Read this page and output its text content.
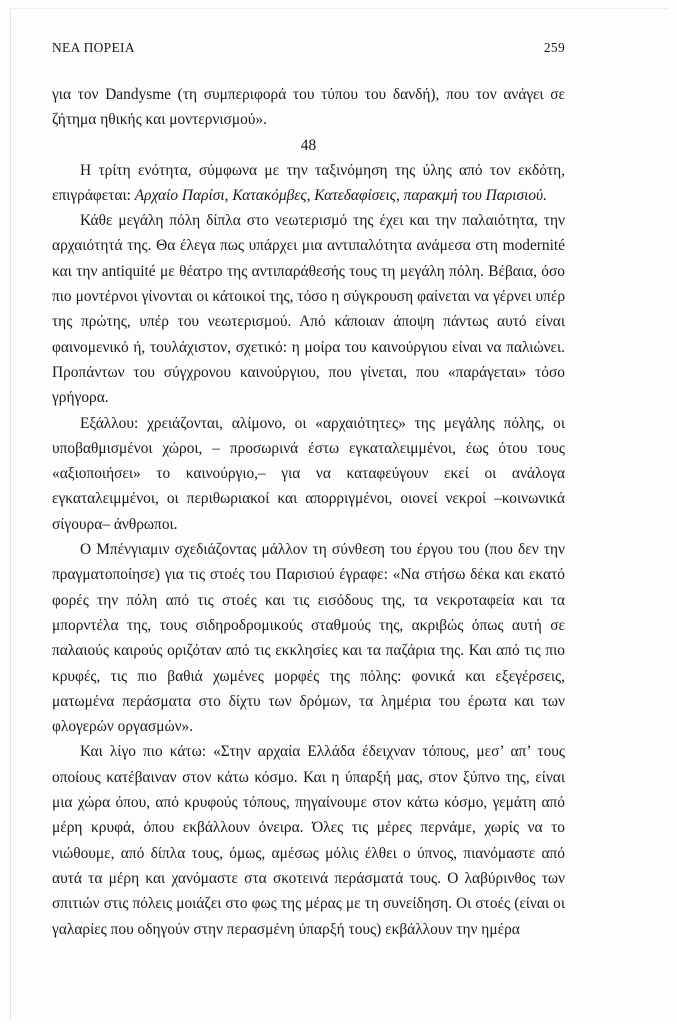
ΝΕΑ ΠΟΡΕΙΑ	259

για τον Dandysme (τη συμπεριφορά του τύπου του δανδή), που τον ανάγει σε ζήτημα ηθικής και μοντερνισμού».

48

Η τρίτη ενότητα, σύμφωνα με την ταξινόμηση της ύλης από τον εκδότη, επιγράφεται: Αρχαίο Παρίσι, Κατακόμβες, Κατεδαφίσεις, παρακμή του Παρισιού.

Κάθε μεγάλη πόλη δίπλα στο νεωτερισμό της έχει και την παλαιότητα, την αρχαιότητά της. Θα έλεγα πως υπάρχει μια αντιπαλότητα ανάμεσα στη modernité και την antiquité με θέατρο της αντιπαράθεσής τους τη μεγάλη πόλη. Βέβαια, όσο πιο μοντέρνοι γίνονται οι κάτοικοί της, τόσο η σύγκρουση φαίνεται να γέρνει υπέρ της πρώτης, υπέρ του νεωτερισμού. Από κάποιαν άποψη πάντως αυτό είναι φαινομενικό ή, τουλάχιστον, σχετικό: η μοίρα του καινούργιου είναι να παλιώνει. Προπάντων του σύγχρονου καινούργιου, που γίνεται, που «παράγεται» τόσο γρήγορα.

Εξάλλου: χρειάζονται, αλίμονο, οι «αρχαιότητες» της μεγάλης πόλης, οι υποβαθμισμένοι χώροι, – προσωρινά έστω εγκαταλειμμένοι, έως ότου τους «αξιοποιήσει» το καινούργιο,– για να καταφεύγουν εκεί οι ανάλογα εγκαταλειμμένοι, οι περιθωριακοί και απορριγμένοι, οιονεί νεκροί –κοινωνικά σίγουρα– άνθρωποι.

Ο Μπένγιαμιν σχεδιάζοντας μάλλον τη σύνθεση του έργου του (που δεν την πραγματοποίησε) για τις στοές του Παρισιού έγραφε: «Να στήσω δέκα και εκατό φορές την πόλη από τις στοές και τις εισόδους της, τα νεκροταφεία και τα μπορντέλα της, τους σιδηροδρομικούς σταθμούς της, ακριβώς όπως αυτή σε παλαιούς καιρούς οριζόταν από τις εκκλησίες και τα παζάρια της. Και από τις πιο κρυφές, τις πιο βαθιά χωμένες μορφές της πόλης: φονικά και εξεγέρσεις, ματωμένα περάσματα στο δίχτυ των δρόμων, τα λημέρια του έρωτα και των φλογερών οργασμών».

Και λίγο πιο κάτω: «Στην αρχαία Ελλάδα έδειχναν τόπους, μεσ’ απ’ τους οποίους κατέβαιναν στον κάτω κόσμο. Και η ύπαρξή μας, στον ξύπνο της, είναι μια χώρα όπου, από κρυφούς τόπους, πηγαίνουμε στον κάτω κόσμο, γεμάτη από μέρη κρυφά, όπου εκβάλλουν όνειρα. Όλες τις μέρες περνάμε, χωρίς να το νιώθουμε, από δίπλα τους, όμως, αμέσως μόλις έλθει ο ύπνος, πιανόμαστε από αυτά τα μέρη και χανόμαστε στα σκοτεινά περάσματά τους. Ο λαβύρινθος των σπιτιών στις πόλεις μοιάζει στο φως της μέρας με τη συνείδηση. Οι στοές (είναι οι γαλαρίες που οδηγούν στην περασμένη ύπαρξή τους) εκβάλλουν την ημέρα
